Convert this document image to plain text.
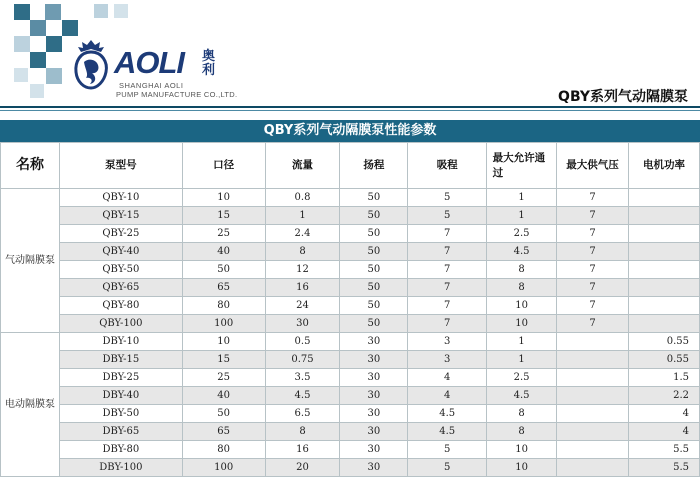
AOLI 奥利
SHANGHAI AOLI
PUMP MANUFACTURE CO.,LTD.	QBY系列气动隔膜泵
QBY系列气动隔膜泵性能参数
名称	泵型号	口径	流量	扬程	吸程	最大允许通过	最大供气压	电机功率
气动隔膜泵	QBY-10	10	0.8	50	5	1	7	
	QBY-15	15	1	50	5	1	7	
	QBY-25	25	2.4	50	7	2.5	7	
	QBY-40	40	8	50	7	4.5	7	
	QBY-50	50	12	50	7	8	7	
	QBY-65	65	16	50	7	8	7	
	QBY-80	80	24	50	7	10	7	
	QBY-100	100	30	50	7	10	7	
电动隔膜泵	DBY-10	10	0.5	30	3	1		0.55
	DBY-15	15	0.75	30	3	1		0.55
	DBY-25	25	3.5	30	4	2.5		1.5
	DBY-40	40	4.5	30	4	4.5		2.2
	DBY-50	50	6.5	30	4.5	8		4
	DBY-65	65	8	30	4.5	8		4
	DBY-80	80	16	30	5	10		5.5
	DBY-100	100	20	30	5	10		5.5
